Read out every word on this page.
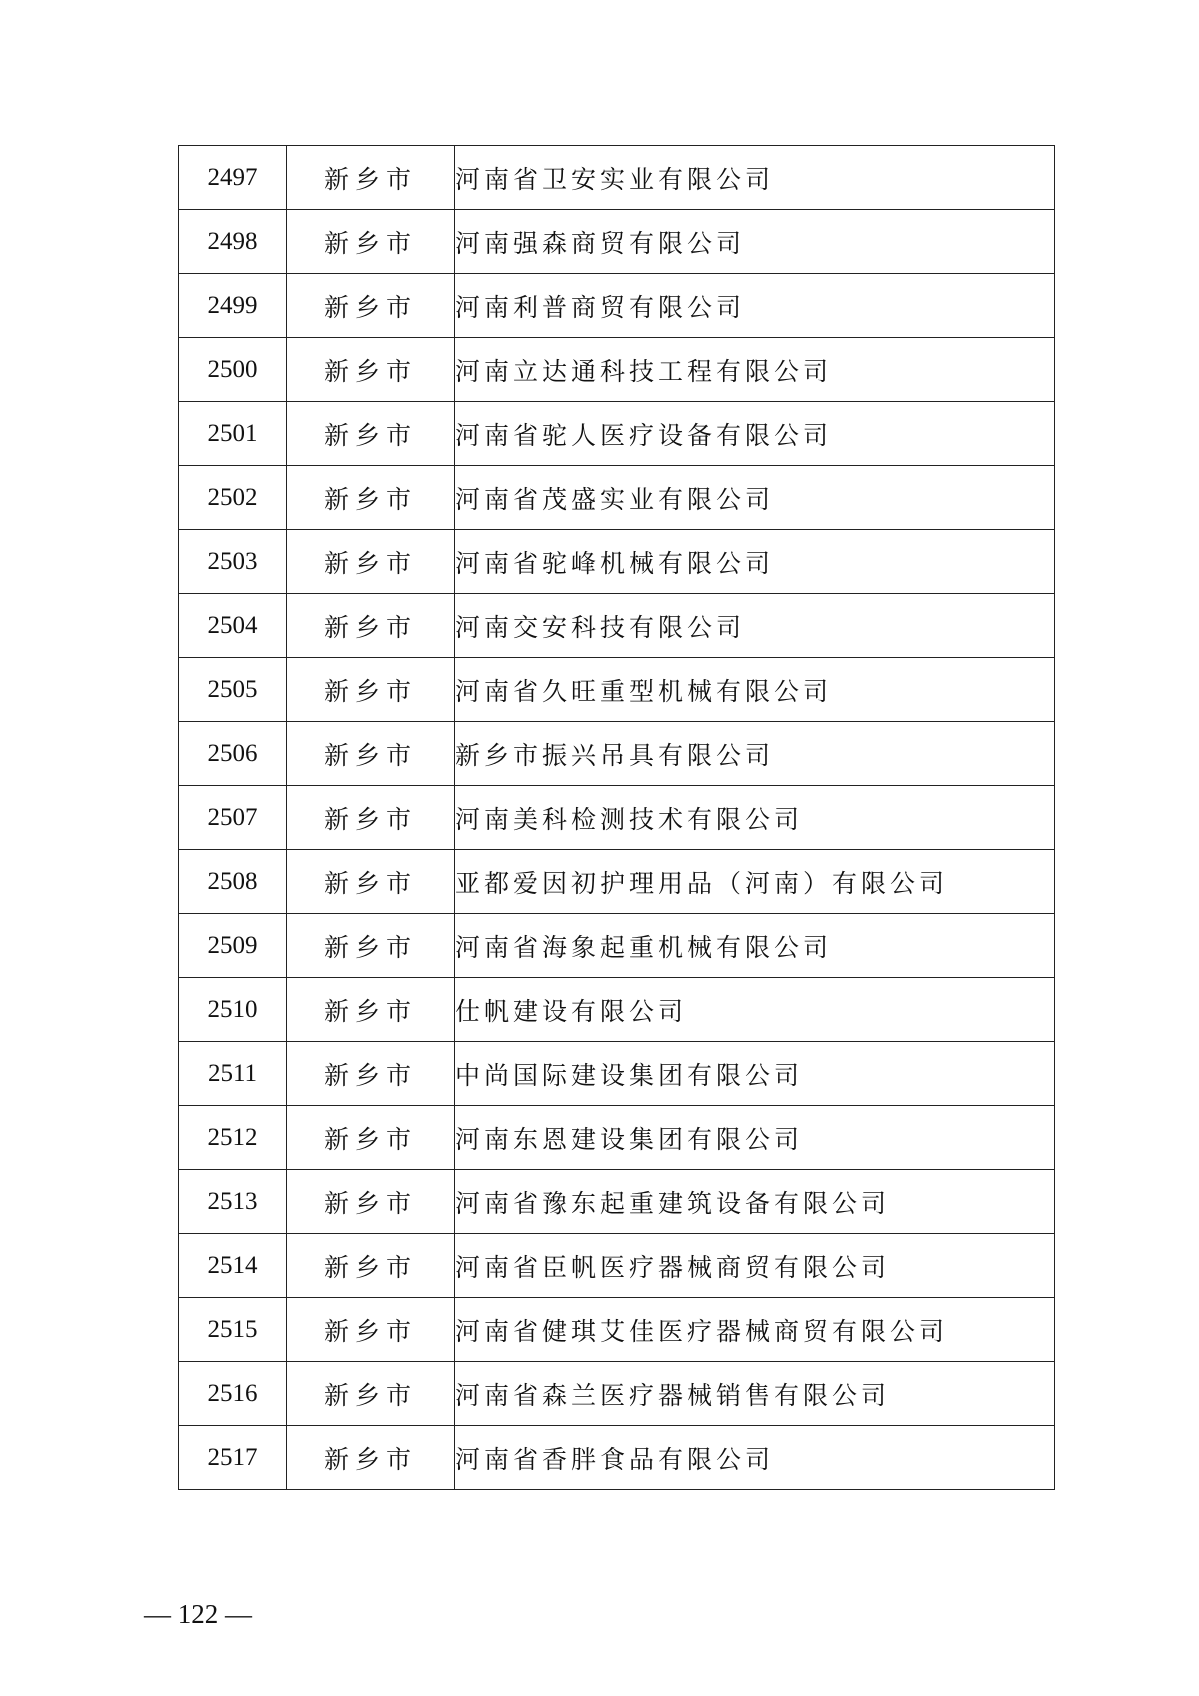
2497	新乡市	河南省卫安实业有限公司
2498	新乡市	河南强森商贸有限公司
2499	新乡市	河南利普商贸有限公司
2500	新乡市	河南立达通科技工程有限公司
2501	新乡市	河南省驼人医疗设备有限公司
2502	新乡市	河南省茂盛实业有限公司
2503	新乡市	河南省驼峰机械有限公司
2504	新乡市	河南交安科技有限公司
2505	新乡市	河南省久旺重型机械有限公司
2506	新乡市	新乡市振兴吊具有限公司
2507	新乡市	河南美科检测技术有限公司
2508	新乡市	亚都爱因初护理用品（河南）有限公司
2509	新乡市	河南省海象起重机械有限公司
2510	新乡市	仕帆建设有限公司
2511	新乡市	中尚国际建设集团有限公司
2512	新乡市	河南东恩建设集团有限公司
2513	新乡市	河南省豫东起重建筑设备有限公司
2514	新乡市	河南省臣帆医疗器械商贸有限公司
2515	新乡市	河南省健琪艾佳医疗器械商贸有限公司
2516	新乡市	河南省森兰医疗器械销售有限公司
2517	新乡市	河南省香胖食品有限公司
— 122 —
